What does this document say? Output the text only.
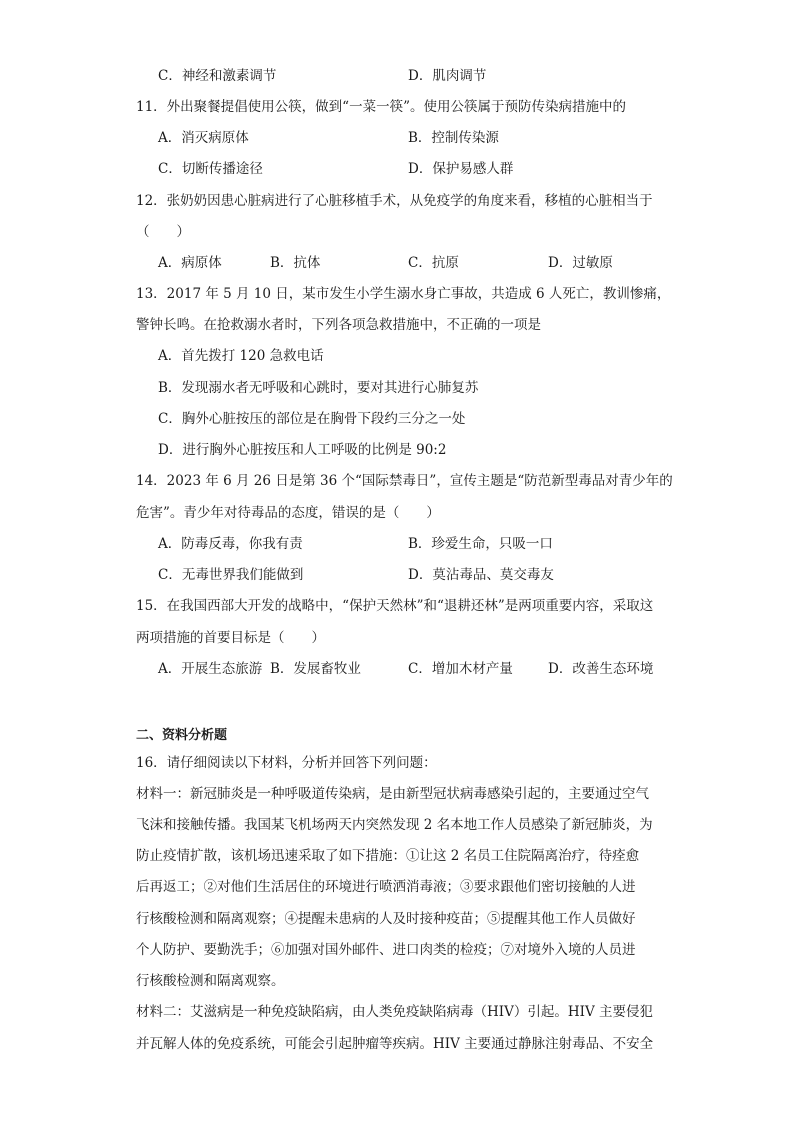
C．神经和激素调节	D．肌肉调节
11．外出聚餐提倡使用公筷，做到“一菜一筷”。使用公筷属于预防传染病措施中的
A．消灭病原体	B．控制传染源
C．切断传播途径	D．保护易感人群
12．张奶奶因患心脏病进行了心脏移植手术，从免疫学的角度来看，移植的心脏相当于
（　　）
A．病原体	B．抗体	C．抗原	D．过敏原
13．2017 年 5 月 10 日，某市发生小学生溺水身亡事故，共造成 6 人死亡，教训惨痛，
警钟长鸣。在抢救溺水者时，下列各项急救措施中，不正确的一项是
A．首先拨打 120 急救电话
B．发现溺水者无呼吸和心跳时，要对其进行心肺复苏
C．胸外心脏按压的部位是在胸骨下段约三分之一处
D．进行胸外心脏按压和人工呼吸的比例是 90:2
14．2023 年 6 月 26 日是第 36 个“国际禁毒日”，宣传主题是“防范新型毒品对青少年的
危害”。青少年对待毒品的态度，错误的是（　　）
A．防毒反毒，你我有责	B．珍爱生命，只吸一口
C．无毒世界我们能做到	D．莫沾毒品、莫交毒友
15．在我国西部大开发的战略中，“保护天然林”和“退耕还林”是两项重要内容，采取这
两项措施的首要目标是（　　）
A．开展生态旅游 B．发展畜牧业	C．增加木材产量	D．改善生态环境
二、资料分析题
16．请仔细阅读以下材料，分析并回答下列问题：
材料一：新冠肺炎是一种呼吸道传染病，是由新型冠状病毒感染引起的，主要通过空气
飞沫和接触传播。我国某飞机场两天内突然发现 2 名本地工作人员感染了新冠肺炎，为
防止疫情扩散，该机场迅速采取了如下措施：①让这 2 名员工住院隔离治疗，待痊愈
后再返工；②对他们生活居住的环境进行喷洒消毒液；③要求跟他们密切接触的人进
行核酸检测和隔离观察；④提醒未患病的人及时接种疫苗；⑤提醒其他工作人员做好
个人防护、要勤洗手；⑥加强对国外邮件、进口肉类的检疫；⑦对境外入境的人员进
行核酸检测和隔离观察。
材料二：艾滋病是一种免疫缺陷病，由人类免疫缺陷病毒（HIV）引起。HIV 主要侵犯
并瓦解人体的免疫系统，可能会引起肿瘤等疾病。HIV 主要通过静脉注射毒品、不安全
